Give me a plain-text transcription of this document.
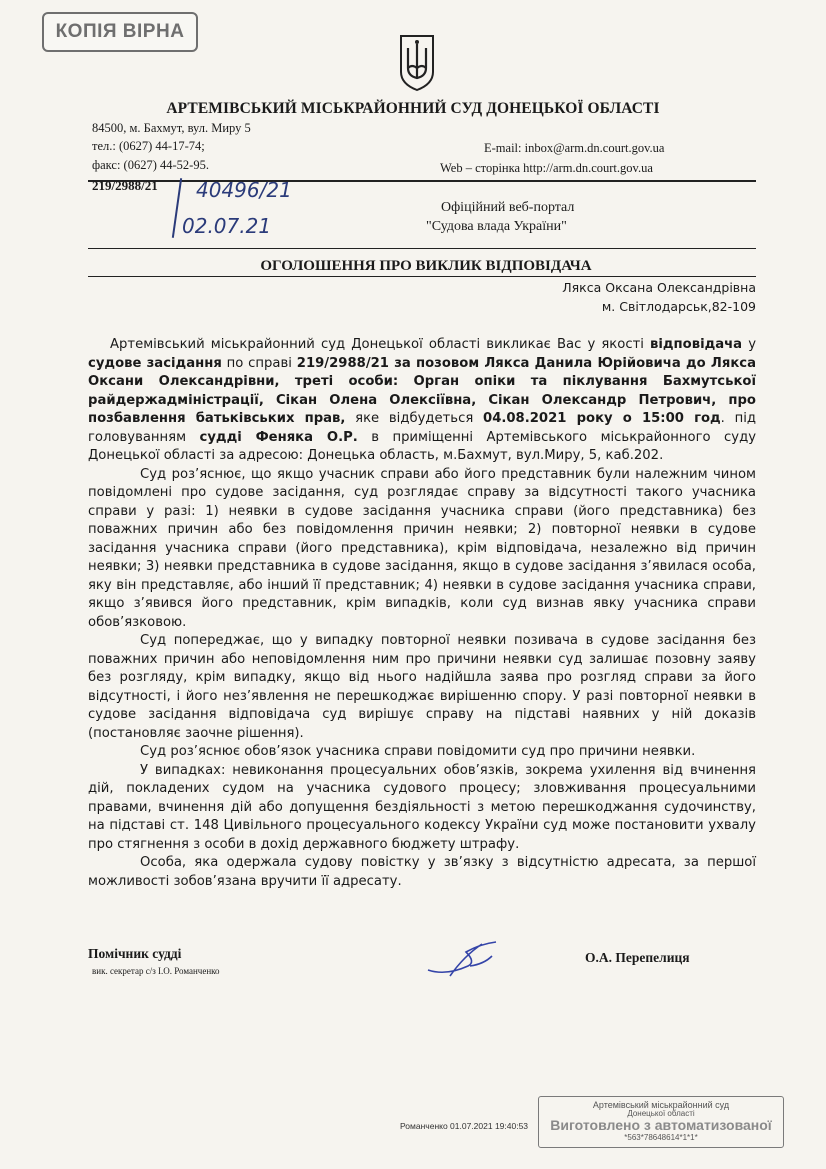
КОПІЯ ВІРНА
АРТЕМІВСЬКИЙ МІСЬКРАЙОННИЙ СУД ДОНЕЦЬКОЇ ОБЛАСТІ
84500, м. Бахмут, вул. Миру 5
тел.: (0627) 44-17-74;
факс: (0627) 44-52-95.
E-mail: inbox@arm.dn.court.gov.ua
Web – сторінка http://arm.dn.court.gov.ua
219/2988/21 40496/21
02.07.21
Офіційний веб-портал
"Судова влада України"
ОГОЛОШЕННЯ ПРО ВИКЛИК ВІДПОВІДАЧА
Лякса Оксана Олександрівна
м. Світлодарськ,82-109

Артемівський міськрайонний суд Донецької області викликає Вас у якості відповідача у судове засідання по справі 219/2988/21 за позовом Лякса Данила Юрійовича до Лякса Оксани Олександрівни, треті особи: Орган опіки та піклування Бахмутської райдержадміністрації, Сікан Олена Олексіївна, Сікан Олександр Петрович, про позбавлення батьківських прав, яке відбудеться 04.08.2021 року о 15:00 год. під головуванням судді Феняка О.Р. в приміщенні Артемівського міськрайонного суду Донецької області за адресою: Донецька область, м.Бахмут, вул.Миру, 5, каб.202.

Суд роз’яснює, що якщо учасник справи або його представник були належним чином повідомлені про судове засідання, суд розглядає справу за відсутності такого учасника справи у разі: 1) неявки в судове засідання учасника справи (його представника) без поважних причин або без повідомлення причин неявки; 2) повторної неявки в судове засідання учасника справи (його представника), крім відповідача, незалежно від причин неявки; 3) неявки представника в судове засідання, якщо в судове засідання з’явилася особа, яку він представляє, або інший її представник; 4) неявки в судове засідання учасника справи, якщо з’явився його представник, крім випадків, коли суд визнав явку учасника справи обов’язковою.

Суд попереджає, що у випадку повторної неявки позивача в судове засідання без поважних причин або неповідомлення ним про причини неявки суд залишає позовну заяву без розгляду, крім випадку, якщо від нього надійшла заява про розгляд справи за його відсутності, і його нез’явлення не перешкоджає вирішенню спору. У разі повторної неявки в судове засідання відповідача суд вирішує справу на підставі наявних у ній доказів (постановляє заочне рішення).

Суд роз’яснює обов’язок учасника справи повідомити суд про причини неявки.

У випадках: невиконання процесуальних обов’язків, зокрема ухилення від вчинення дій, покладених судом на учасника судового процесу; зловживання процесуальними правами, вчинення дій або допущення бездіяльності з метою перешкоджання судочинству, на підставі ст. 148 Цивільного процесуального кодексу України суд може постановити ухвалу про стягнення з особи в дохід державного бюджету штрафу.

Особа, яка одержала судову повістку у зв’язку з відсутністю адресата, за першої можливості зобов’язана вручити її адресату.

Помічник судді
вик. секретар с/з І.О. Романченко
О.А. Перепелиця
Романченко 01.07.2021 19:40:53
Артемівський міськрайонний суд
Донецької області
Виготовлено з автоматизованої
*563*78648614*1*1*
